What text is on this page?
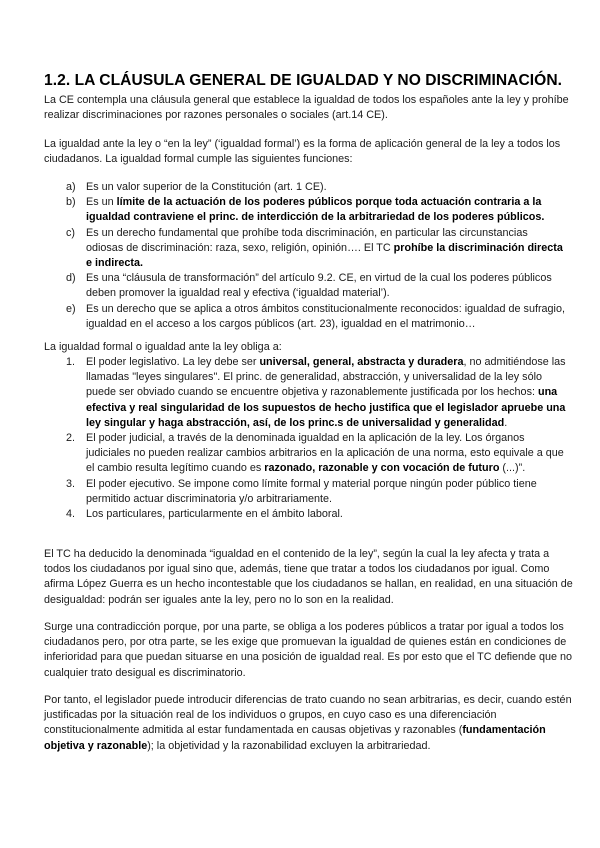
1.2. LA CLÁUSULA GENERAL DE IGUALDAD Y NO DISCRIMINACIÓN.

La CE contempla una cláusula general que establece la igualdad de todos los españoles ante la ley y prohíbe realizar discriminaciones por razones personales o sociales (art.14 CE).

La igualdad ante la ley o “en la ley” (‘igualdad formal’) es la forma de aplicación general de la ley a todos los ciudadanos. La igualdad formal cumple las siguientes funciones:

a) Es un valor superior de la Constitución (art. 1 CE).
b) Es un límite de la actuación de los poderes públicos porque toda actuación contraria a la igualdad contraviene el princ. de interdicción de la arbitrariedad de los poderes públicos.
c) Es un derecho fundamental que prohíbe toda discriminación, en particular las circunstancias odiosas de discriminación: raza, sexo, religión, opinión…. El TC prohíbe la discriminación directa e indirecta.
d) Es una “cláusula de transformación” del artículo 9.2. CE, en virtud de la cual los poderes públicos deben promover la igualdad real y efectiva (‘igualdad material’).
e) Es un derecho que se aplica a otros ámbitos constitucionalmente reconocidos: igualdad de sufragio, igualdad en el acceso a los cargos públicos (art. 23), igualdad en el matrimonio…

La igualdad formal o igualdad ante la ley obliga a:

1. El poder legislativo. La ley debe ser universal, general, abstracta y duradera, no admitiéndose las llamadas "leyes singulares". El princ. de generalidad, abstracción, y universalidad de la ley sólo puede ser obviado cuando se encuentre objetiva y razonablemente justificada por los hechos: una efectiva y real singularidad de los supuestos de hecho justifica que el legislador apruebe una ley singular y haga abstracción, así, de los princ.s de universalidad y generalidad.
2. El poder judicial, a través de la denominada igualdad en la aplicación de la ley. Los órganos judiciales no pueden realizar cambios arbitrarios en la aplicación de una norma, esto equivale a que el cambio resulta legítimo cuando es razonado, razonable y con vocación de futuro (...)”.
3. El poder ejecutivo. Se impone como límite formal y material porque ningún poder público tiene permitido actuar discriminatoria y/o arbitrariamente.
4. Los particulares, particularmente en el ámbito laboral.

El TC ha deducido la denominada “igualdad en el contenido de la ley”, según la cual la ley afecta y trata a todos los ciudadanos por igual sino que, además, tiene que tratar a todos los ciudadanos por igual. Como afirma López Guerra es un hecho incontestable que los ciudadanos se hallan, en realidad, en una situación de desigualdad: podrán ser iguales ante la ley, pero no lo son en la realidad.

Surge una contradicción porque, por una parte, se obliga a los poderes públicos a tratar por igual a todos los ciudadanos pero, por otra parte, se les exige que promuevan la igualdad de quienes están en condiciones de inferioridad para que puedan situarse en una posición de igualdad real. Es por esto que el TC defiende que no cualquier trato desigual es discriminatorio.

Por tanto, el legislador puede introducir diferencias de trato cuando no sean arbitrarias, es decir, cuando estén justificadas por la situación real de los individuos o grupos, en cuyo caso es una diferenciación constitucionalmente admitida al estar fundamentada en causas objetivas y razonables (fundamentación objetiva y razonable); la objetividad y la razonabilidad excluyen la arbitrariedad.
